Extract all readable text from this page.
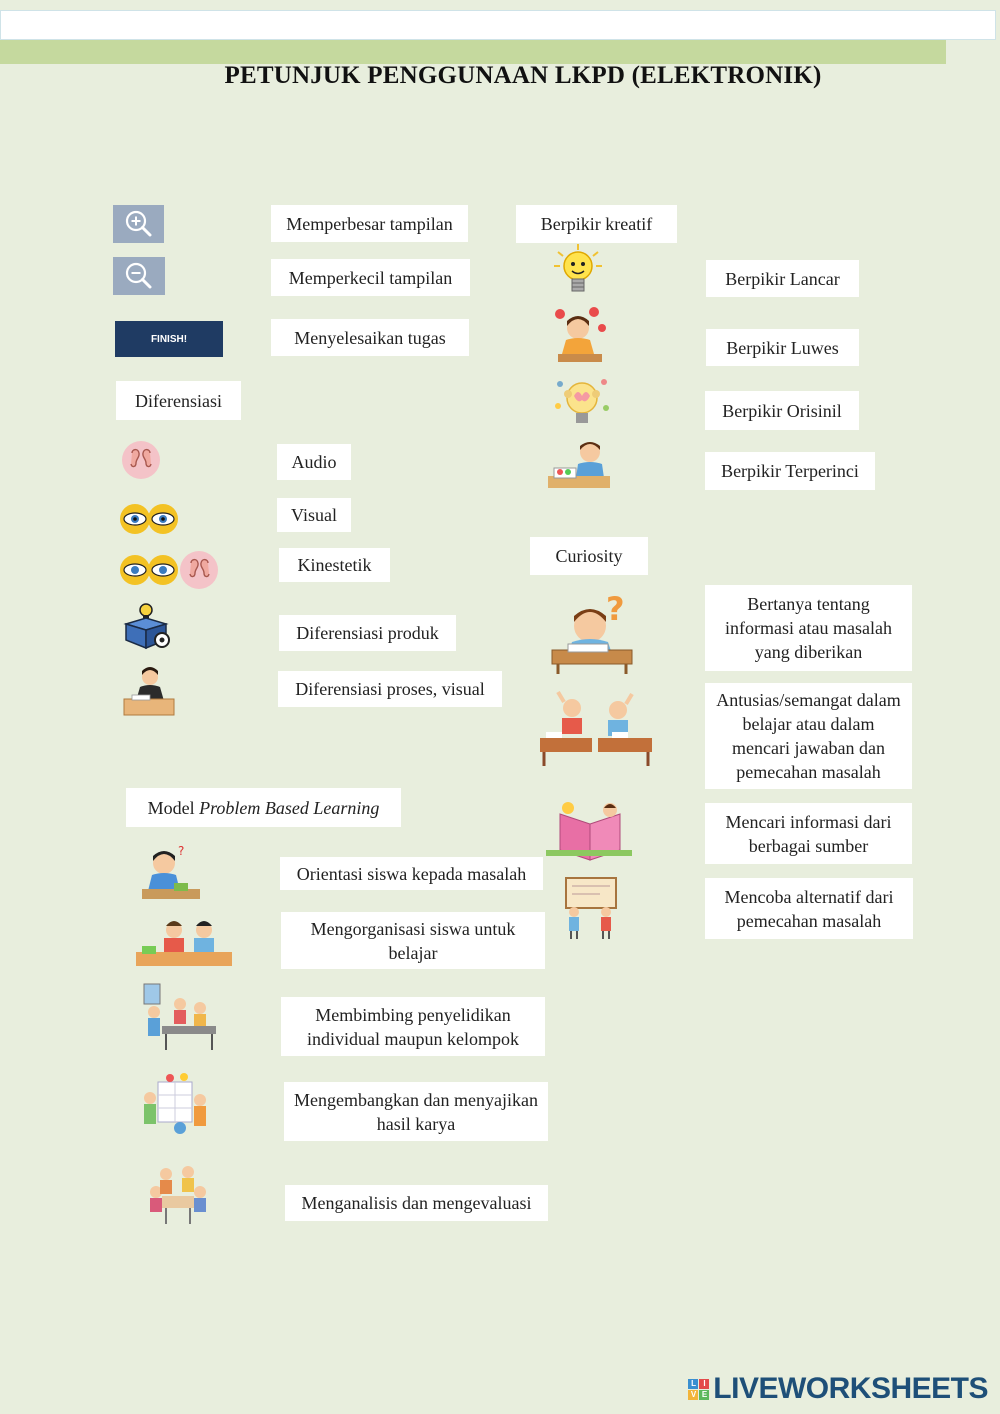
PETUNJUK PENGGUNAAN LKPD (ELEKTRONIK)
Memperbesar tampilan
Memperkecil tampilan
FINISH!	Menyelesaikan tugas
Diferensiasi
Audio
Visual
Kinestetik
Diferensiasi produk
Diferensiasi proses, visual
Model Problem Based Learning
?
Orientasi siswa kepada masalah
Mengorganisasi siswa untuk belajar
Membimbing penyelidikan individual maupun kelompok
Mengembangkan dan menyajikan hasil karya
Menganalisis dan mengevaluasi
Berpikir kreatif
Berpikir Lancar
Berpikir Luwes
Berpikir Orisinil
Berpikir Terperinci
Curiosity
?	Bertanya tentang informasi atau masalah yang diberikan
Antusias/semangat dalam belajar atau dalam mencari jawaban dan pemecahan masalah
Mencari informasi dari berbagai sumber
Mencoba alternatif dari pemecahan masalah
L I
V E LIVEWORKSHEETS
